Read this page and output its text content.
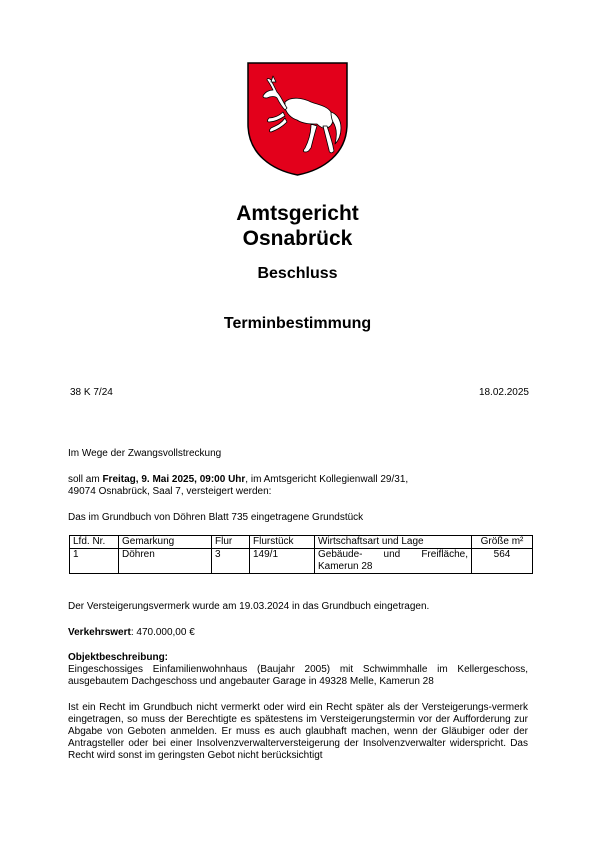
Amtsgericht
Osnabrück
Beschluss
Terminbestimmung
38 K 7/24	18.02.2025
Im Wege der Zwangsvollstreckung
soll am Freitag, 9. Mai 2025, 09:00 Uhr, im Amtsgericht Kollegienwall 29/31,
49074 Osnabrück, Saal 7, versteigert werden:
Das im Grundbuch von Döhren Blatt 735 eingetragene Grundstück
Lfd. Nr.	Gemarkung	Flur	Flurstück	Wirtschaftsart und Lage	Größe m²
1	Döhren	3	149/1	Gebäude- und Freifläche, Kamerun 28	564
Der Versteigerungsvermerk wurde am 19.03.2024 in das Grundbuch eingetragen.
Verkehrswert: 470.000,00 €
Objektbeschreibung:
Eingeschossiges Einfamilienwohnhaus (Baujahr 2005) mit Schwimmhalle im Kellergeschoss, ausgebautem Dachgeschoss und angebauter Garage in 49328 Melle, Kamerun 28
Ist ein Recht im Grundbuch nicht vermerkt oder wird ein Recht später als der Versteigerungs-vermerk eingetragen, so muss der Berechtigte es spätestens im Versteigerungstermin vor der Aufforderung zur Abgabe von Geboten anmelden. Er muss es auch glaubhaft machen, wenn der Gläubiger oder der Antragsteller oder bei einer Insolvenzverwalterversteigerung der Insolvenzverwalter widerspricht. Das Recht wird sonst im geringsten Gebot nicht berücksichtigt
